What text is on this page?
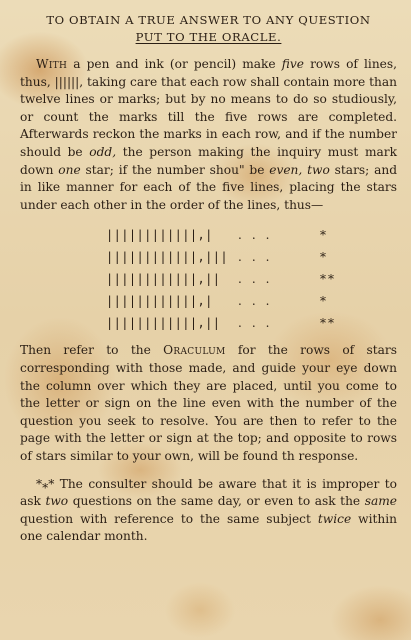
TO OBTAIN A TRUE ANSWER TO ANY QUESTION
PUT TO THE ORACLE.

With a pen and ink (or pencil) make five rows of lines, thus, ||||||, taking care that each row shall contain more than twelve lines or marks; but by no means to do so studiously, or count the marks till the five rows are completed. Afterwards reckon the marks in each row, and if the number should be odd, the person making the inquiry must mark down one star; if the number shou" be even, two stars; and in like manner for each of the five lines, placing the stars under each other in the order of the lines, thus—

||||||||||||,|	...	*
||||||||||||,||| ...	*
||||||||||||,||	...	**
||||||||||||,|	...	*
||||||||||||,||	...	**

Then refer to the Oraculum for the rows of stars corresponding with those made, and guide your eye down the column over which they are placed, until you come to the letter or sign on the line even with the number of the question you seek to resolve. You are then to refer to the page with the letter or sign at the top; and opposite to rows of stars similar to your own, will be found th response.

*⁎* The consulter should be aware that it is improper to ask two questions on the same day, or even to ask the same question with reference to the same subject twice within one calendar month.
